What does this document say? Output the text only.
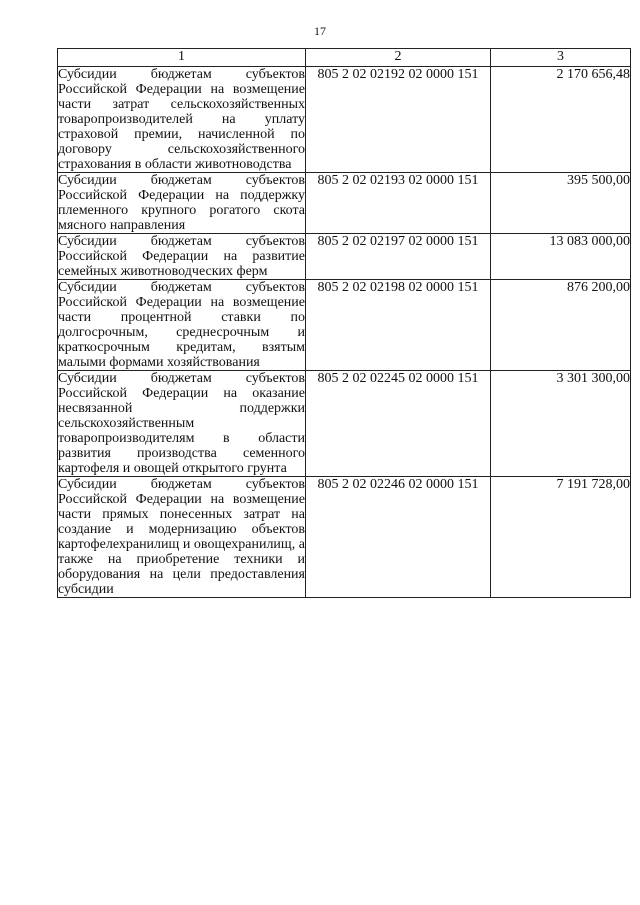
17
1	2	3
Субсидии бюджетам субъектов Российской Федерации на возмещение части затрат сельскохозяйственных товаропроизводителей на уплату страховой премии, начисленной по договору сельскохозяйственного страхования в области животноводства	805 2 02 02192 02 0000 151	2 170 656,48
Субсидии бюджетам субъектов Российской Федерации на поддержку племенного крупного рогатого скота мясного направления	805 2 02 02193 02 0000 151	395 500,00
Субсидии бюджетам субъектов Российской Федерации на развитие семейных животноводческих ферм	805 2 02 02197 02 0000 151	13 083 000,00
Субсидии бюджетам субъектов Российской Федерации на возмещение части процентной ставки по долгосрочным, среднесрочным и краткосрочным кредитам, взятым малыми формами хозяйствования	805 2 02 02198 02 0000 151	876 200,00
Субсидии бюджетам субъектов Российской Федерации на оказание несвязанной поддержки сельскохозяйственным товаропроизводителям в области развития производства семенного картофеля и овощей открытого грунта	805 2 02 02245 02 0000 151	3 301 300,00
Субсидии бюджетам субъектов Российской Федерации на возмещение части прямых понесенных затрат на создание и модернизацию объектов картофелехранилищ и овощехранилищ, а также на приобретение техники и оборудования на цели предоставления субсидии	805 2 02 02246 02 0000 151	7 191 728,00
